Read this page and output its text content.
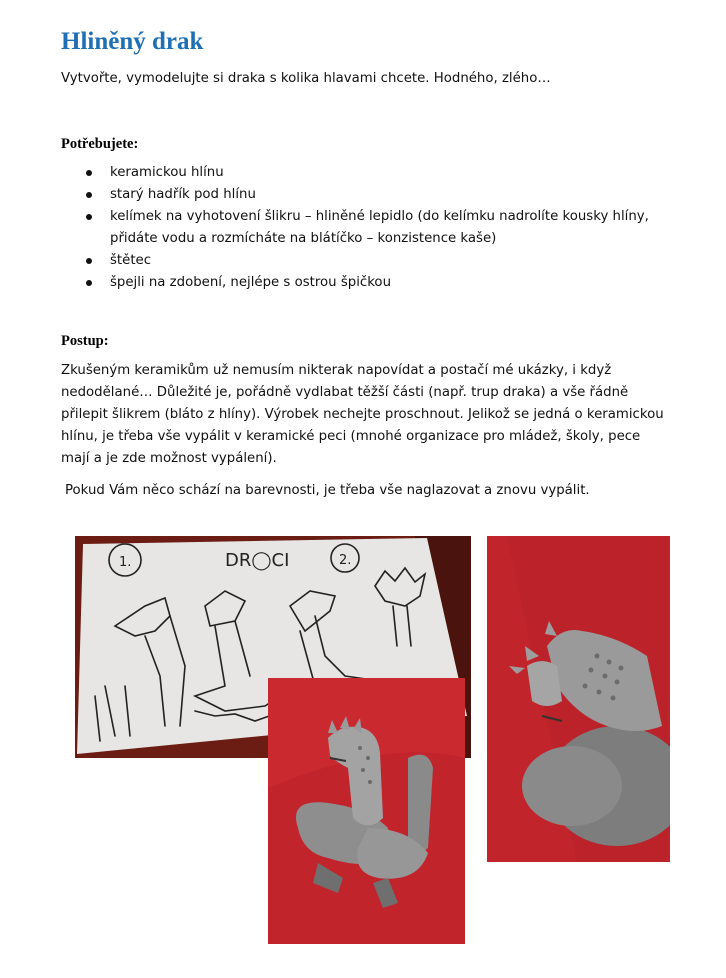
Hliněný drak
Vytvořte, vymodelujte si draka s kolika hlavami chcete. Hodného, zlého…
Potřebujete:
keramickou hlínu
starý hadřík pod hlínu
kelímek na vyhotovení šlikru – hliněné lepidlo (do kelímku nadrolíte kousky hlíny, přidáte vodu a rozmícháte na blátíčko – konzistence kaše)
štětec
špejli na zdobení, nejlépe s ostrou špičkou
Postup:
Zkušeným keramikům už nemusím nikterak napovídat a postačí mé ukázky, i když nedodělané… Důležité je, pořádně vydlabat těžší části (např. trup draka) a vše řádně přilepit šlikrem (bláto z hlíny). Výrobek nechejte proschnout. Jelikož se jedná o keramickou hlínu, je třeba vše vypálit v keramické peci (mnohé organizace pro mládež, školy, pece mají a je zde možnost vypálení).
Pokud Vám něco schází na barevnosti, je třeba vše naglazovat a znovu vypálit.
DR◯CI
1.	2.
